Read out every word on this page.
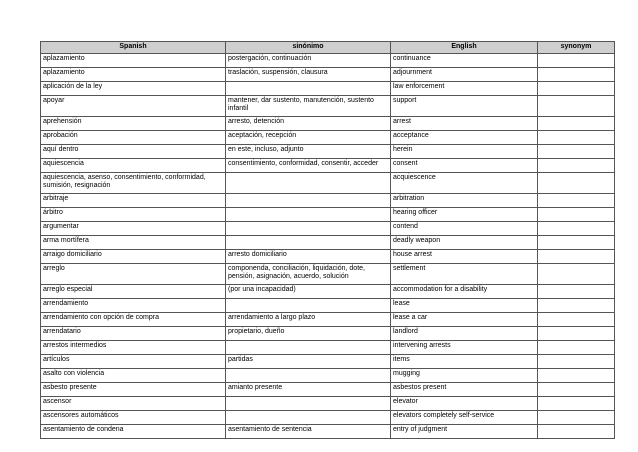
Spanish	sinónimo	English	synonym
aplazamiento	postergación, continuación	continuance	
aplazamiento	traslación, suspensión, clausura	adjournment	
aplicación de la ley		law enforcement	
apoyar	mantener, dar sustento, manutención, sustento infantil	support	
aprehensión	arresto, detención	arrest	
aprobación	aceptación, recepción	acceptance	
aquí dentro	en este, incluso, adjunto	herein	
aquiescencia	consentimiento, conformidad, consentir, acceder	consent	
aquiescencia, asenso, consentimiento, conformidad, sumisión, resignación		acquiescence	
arbitraje		arbitration	
árbitro		hearing officer	
argumentar		contend	
arma mortífera		deadly weapon	
arraigo domiciliario	arresto domiciliario	house arrest	
arreglo	componenda, conciliación, liquidación, dote, pensión, asignación, acuerdo, solución	settlement	
arreglo especial	(por una incapacidad)	accommodation for a disability	
arrendamiento		lease	
arrendamiento con opción de compra	arrendamiento a largo plazo	lease a car	
arrendatario	propietario, dueño	landlord	
arrestos intermedios		intervening arrests	
artículos	partidas	items	
asalto con violencia		mugging	
asbesto presente	amianto presente	asbestos present	
ascensor		elevator	
ascensores automáticos		elevators completely self-service	
asentamiento de condena	asentamiento de sentencia	entry of judgment	
